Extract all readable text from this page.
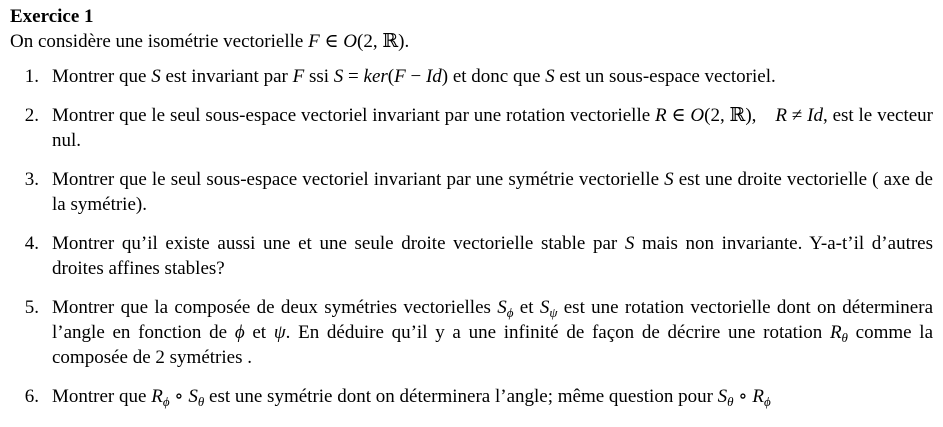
Exercice 1
On considère une isométrie vectorielle F ∈ O(2, ℝ).
1. Montrer que S est invariant par F ssi S = ker(F − Id) et donc que S est un sous-espace vectoriel.
2. Montrer que le seul sous-espace vectoriel invariant par une rotation vectorielle R ∈ O(2, ℝ),  R ≠ Id, est le vecteur nul.
3. Montrer que le seul sous-espace vectoriel invariant par une symétrie vectorielle S est une droite vectorielle ( axe de la symétrie).
4. Montrer qu’il existe aussi une et une seule droite vectorielle stable par S mais non invariante. Y-a-t’il d’autres droites affines stables?
5. Montrer que la composée de deux symétries vectorielles $S_\phi$ et $S_\psi$ est une rotation vectorielle dont on déterminera l’angle en fonction de ϕ et ψ. En déduire qu’il y a une infinité de façon de décrire une rotation $R_\theta$ comme la composée de 2 symétries .
6. Montrer que $R_\phi$ ∘ $S_\theta$ est une symétrie dont on déterminera l’angle; même question pour $S_\theta$ ∘ $R_\phi$
